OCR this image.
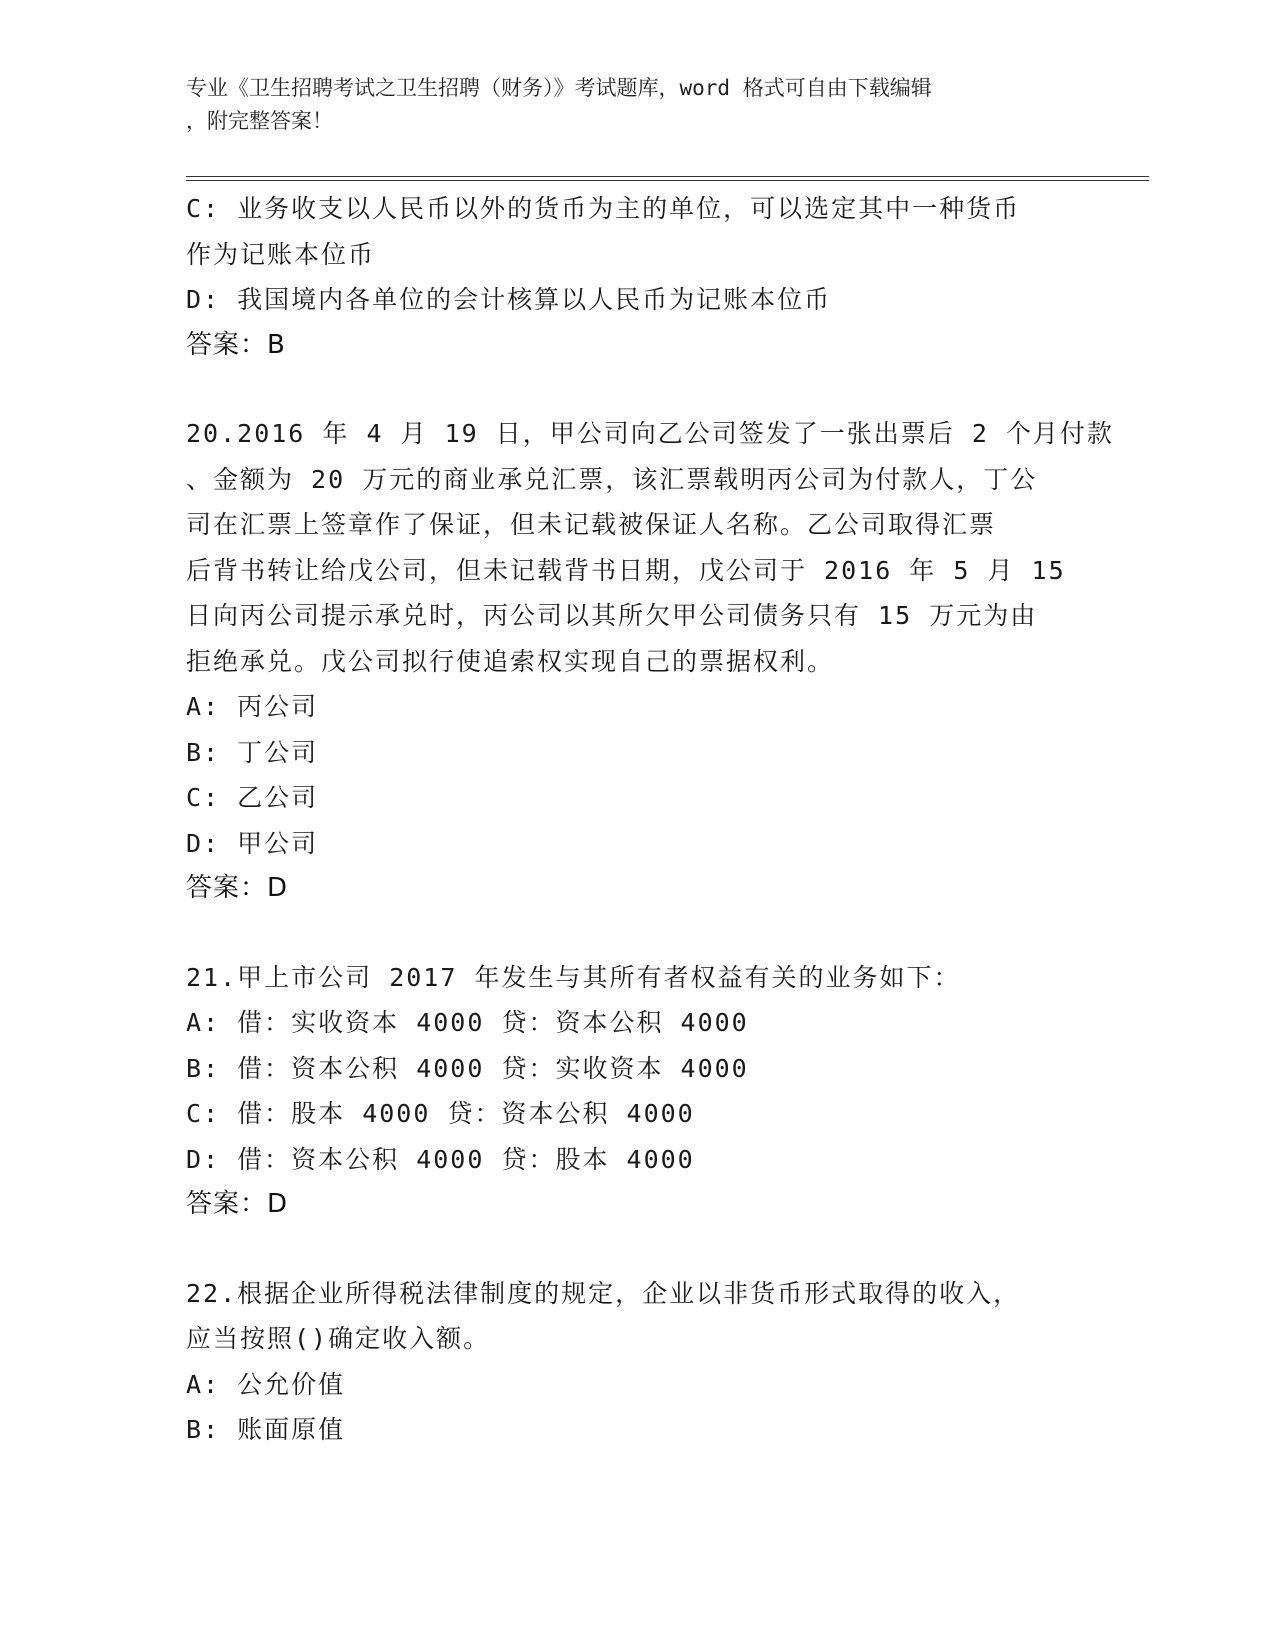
专业《卫生招聘考试之卫生招聘（财务）》考试题库，word 格式可自由下载编辑
，附完整答案！
C: 业务收支以人民币以外的货币为主的单位，可以选定其中一种货币
作为记账本位币
D: 我国境内各单位的会计核算以人民币为记账本位币
答案：B
20.2016 年 4 月 19 日，甲公司向乙公司签发了一张出票后 2 个月付款
、金额为 20 万元的商业承兑汇票，该汇票载明丙公司为付款人，丁公
司在汇票上签章作了保证，但未记载被保证人名称。乙公司取得汇票
后背书转让给戊公司，但未记载背书日期，戊公司于 2016 年 5 月 15
日向丙公司提示承兑时，丙公司以其所欠甲公司债务只有 15 万元为由
拒绝承兑。戊公司拟行使追索权实现自己的票据权利。
A: 丙公司
B: 丁公司
C: 乙公司
D: 甲公司
答案：D
21.甲上市公司 2017 年发生与其所有者权益有关的业务如下：
A: 借：实收资本 4000 贷：资本公积 4000
B: 借：资本公积 4000 贷：实收资本 4000
C: 借：股本 4000 贷：资本公积 4000
D: 借：资本公积 4000 贷：股本 4000
答案：D
22.根据企业所得税法律制度的规定，企业以非货币形式取得的收入，
应当按照()确定收入额。
A: 公允价值
B: 账面原值
